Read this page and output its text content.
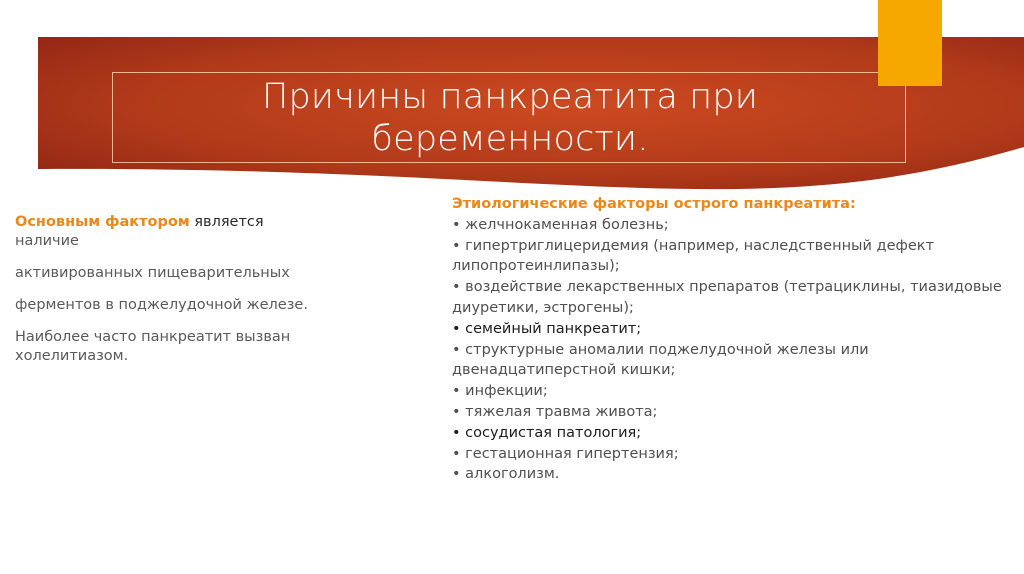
Причины панкреатита при
беременности.

Основным фактором является
наличие

активированных пищеварительных

ферментов в поджелудочной железе.

Наиболее часто панкреатит вызван холелитиазом.

Этиологические факторы острого панкреатита:
• желчнокаменная болезнь;
• гипертриглицеридемия (например, наследственный дефект липопротеинлипазы);
• воздействие лекарственных препаратов (тетрациклины, тиазидовые диуретики, эстрогены);
• семейный панкреатит;
• структурные аномалии поджелудочной железы или двенадцатиперстной кишки;
• инфекции;
• тяжелая травма живота;
• сосудистая патология;
• гестационная гипертензия;
• алкоголизм.
